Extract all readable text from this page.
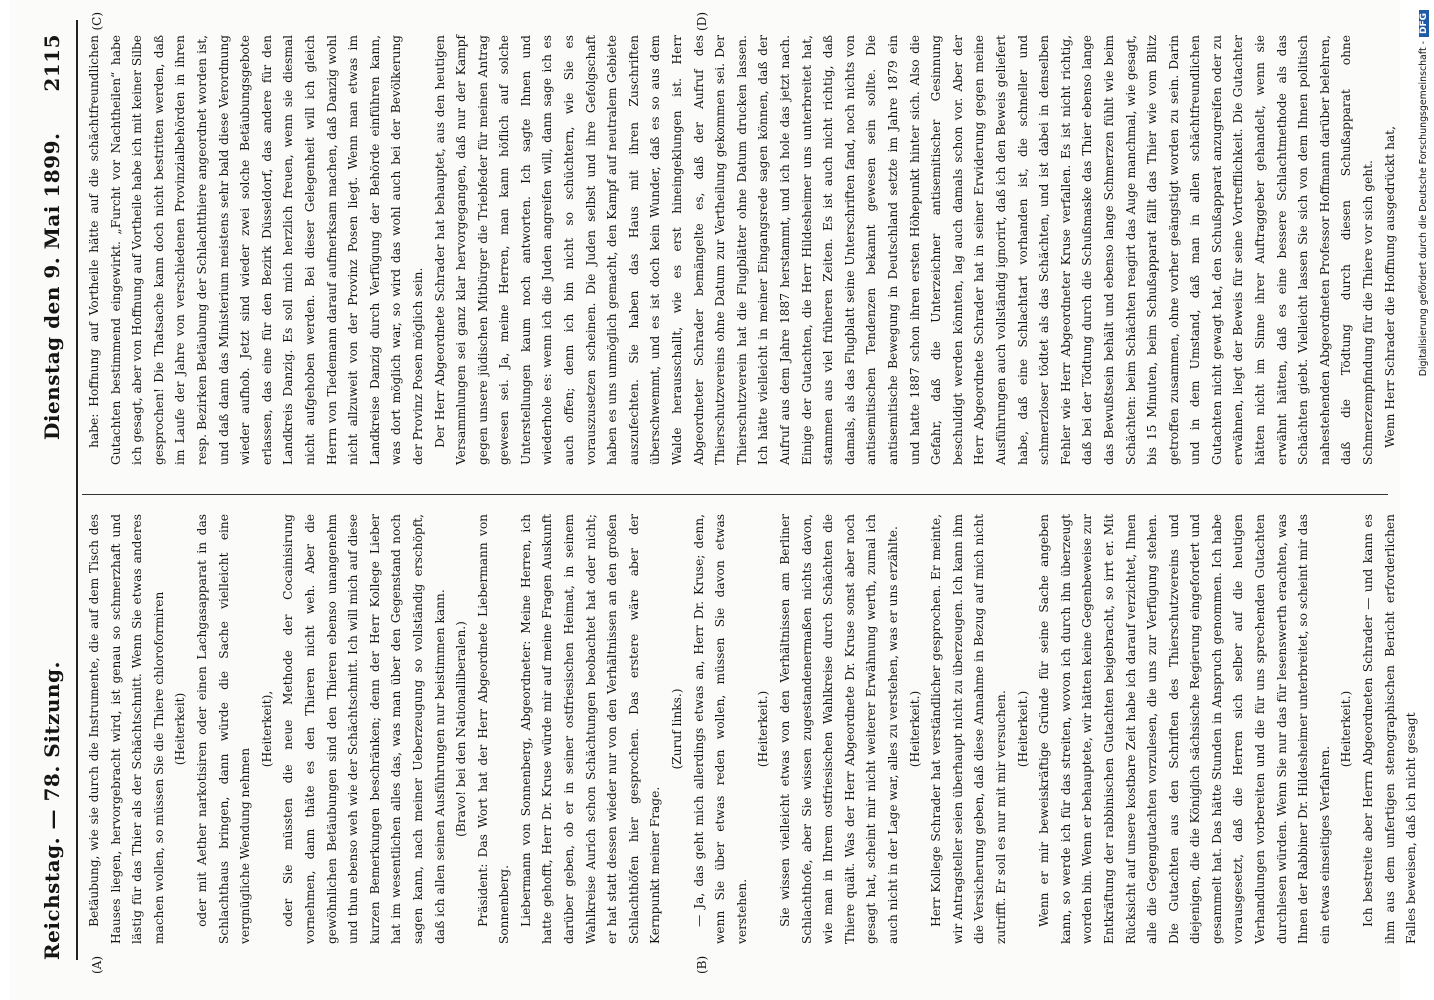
Reichstag. — 78. Sitzung.
Dienstag den 9. Mai 1899.
2115
(A)	(B)
(C)	(D)

Betäubung, wie sie durch die Instrumente, die auf dem Tisch des Hauses liegen, hervorgebracht wird, ist genau so schmerzhaft und lästig für das Thier als der Schächtschnitt. Wenn Sie etwas anderes machen wollen, so müssen Sie die Thiere chloroformiren (Heiterkeit) oder mit Aether narkotisiren oder einen Lachgasapparat in das Schlachthaus bringen, dann würde die Sache vielleicht eine vergnügliche Wendung nehmen

(Heiterkeit), oder Sie müssten die neue Methode der Cocainisirung vornehmen, dann thäte es den Thieren nicht weh. Aber die gewöhnlichen Betäubungen sind den Thieren ebenso unangenehm und thun ebenso weh wie der Schächtschnitt. Ich will mich auf diese kurzen Bemerkungen beschränken; denn der Herr Kollege Lieber hat im wesentlichen alles das, was man über den Gegenstand noch sagen kann, nach meiner Ueberzeugung so vollständig erschöpft, daß ich allen seinen Ausführungen nur beistimmen kann. (Bravo! bei den Nationalliberalen.) Präsident: Das Wort hat der Herr Abgeordnete Liebermann von Sonnenberg. Liebermann von Sonnenberg, Abgeordneter: Meine Herren, ich hatte gehofft, Herr Dr. Kruse würde mir auf meine Fragen Auskunft darüber geben, ob er in seiner ostfriesischen Heimat, in seinem Wahlkreise Aurich schon Schächtungen beobachtet hat oder nicht; er hat statt dessen wieder nur von den Verhältnissen an den großen Schlachthöfen hier gesprochen. Das erstere wäre aber der Kernpunkt meiner Frage.

(Zuruf links.) — Ja, das geht mich allerdings etwas an, Herr Dr. Kruse; denn, wenn Sie über etwas reden wollen, müssen Sie davon etwas verstehen.

(Heiterkeit.) Sie wissen vielleicht etwas von den Verhältnissen am Berliner Schlachthofe, aber Sie wissen zugestandenermaßen nichts davon, wie man in Ihrem ostfriesischen Wahlkreise durch Schächten die Thiere quält. Was der Herr Abgeordnete Dr. Kruse sonst aber noch gesagt hat, scheint mir nicht weiterer Erwähnung werth, zumal ich auch nicht in der Lage war, alles zu verstehen, was er uns erzählte. (Heiterkeit.) Herr Kollege Schrader hat verständlicher gesprochen. Er meinte, wir Antragsteller seien überhaupt nicht zu überzeugen. Ich kann ihm die Versicherung geben, daß diese Annahme in Bezug auf mich nicht zutrifft. Er soll es nur mit mir versuchen. (Heiterkeit.) Wenn er mir beweiskräftige Gründe für seine Sache angeben kann, so werde ich für das streiten, wovon ich durch ihn überzeugt worden bin. Wenn er behauptete, wir hätten keine Gegenbeweise zur Entkräftung der rabbinischen Gutachten beigebracht, so irrt er. Mit Rücksicht auf unsere kostbare Zeit habe ich darauf verzichtet, Ihnen alle die Gegengutachten vorzulesen, die uns zur Verfügung stehen. Die Gutachten aus den Schriften des Thierschutzvereins und diejenigen, die die Königlich sächsische Regierung eingefordert und gesammelt hat. Das hätte Stunden in Anspruch genommen. Ich habe vorausgesetzt, daß die Herren sich selber auf die heutigen Verhandlungen vorbereiten und die für uns sprechenden Gutachten durchlesen würden. Wenn Sie nur das für lesenswerth erachten, was Ihnen der Rabbiner Dr. Hildesheimer unterbreitet, so scheint mir das ein etwas einseitiges Verfahren.

(Heiterkeit.) Ich bestreite aber Herrn Abgeordneten Schrader — und kann es ihm aus dem unfertigen stenographischen Bericht erforderlichen Falles beweisen, daß ich nicht gesagt

habe: Hoffnung auf Vortheile hätte auf die schächtfreundlichen Gutachten bestimmend eingewirkt. „Furcht vor Nachtheilen“ habe ich gesagt, aber von Hoffnung auf Vortheile habe ich mit keiner Silbe gesprochen! Die Thatsache kann doch nicht bestritten werden, daß im Laufe der Jahre von verschiedenen Provinzialbehörden in ihren resp. Bezirken Betäubung der Schlachtthiere angeordnet worden ist, und daß dann das Ministerium meistens sehr bald diese Verordnung wieder aufhob. Jetzt sind wieder zwei solche Betäubungsgebote erlassen, das eine für den Bezirk Düsseldorf, das andere für den Landkreis Danzig. Es soll mich herzlich freuen, wenn sie diesmal nicht aufgehoben werden. Bei dieser Gelegenheit will ich gleich Herrn von Tiedemann darauf aufmerksam machen, daß Danzig wohl nicht allzuweit von der Provinz Posen liegt. Wenn man etwas im Landkreise Danzig durch Verfügung der Behörde einführen kann, was dort möglich war, so wird das wohl auch bei der Bevölkerung der Provinz Posen möglich sein. Der Herr Abgeordnete Schrader hat behauptet, aus den heutigen Versammlungen sei ganz klar hervorgegangen, daß nur der Kampf gegen unsere jüdischen Mitbürger die Triebfeder für meinen Antrag gewesen sei. Ja, meine Herren, man kann höflich auf solche Unterstellungen kaum noch antworten. Ich sagte Ihnen und wiederhole es: wenn ich die Juden angreifen will, dann sage ich es auch offen; denn ich bin nicht so schüchtern, wie Sie es vorauszusetzen scheinen. Die Juden selbst und ihre Gefolgschaft haben es uns unmöglich gemacht, den Kampf auf neutralem Gebiete auszufechten. Sie haben das Haus mit ihren Zuschriften überschwemmt, und es ist doch kein Wunder, daß es so aus dem Walde herausschallt, wie es erst hineingeklungen ist. Herr Abgeordneter Schrader bemängelte es, daß der Aufruf des Thierschutzvereins ohne Datum zur Vertheilung gekommen sei. Der Thierschutzverein hat die Flugblätter ohne Datum drucken lassen. Ich hätte vielleicht in meiner Eingangsrede sagen können, daß der Aufruf aus dem Jahre 1887 herstammt, und ich hole das jetzt nach. Einige der Gutachten, die Herr Hildesheimer uns unterbreitet hat, stammen aus viel früheren Zeiten. Es ist auch nicht richtig, daß damals, als das Flugblatt seine Unterschriften fand, noch nichts von antisemitischen Tendenzen bekannt gewesen sein sollte. Die antisemitische Bewegung in Deutschland setzte im Jahre 1879 ein und hatte 1887 schon ihren ersten Höhepunkt hinter sich. Also die Gefahr, daß die Unterzeichner antisemitischer Gesinnung beschuldigt werden könnten, lag auch damals schon vor. Aber der Herr Abgeordnete Schrader hat in seiner Erwiderung gegen meine Ausführungen auch vollständig ignorirt, daß ich den Beweis geliefert habe, daß eine Schlachtart vorhanden ist, die schneller und schmerzloser tödtet als das Schächten, und ist dabei in denselben Fehler wie Herr Abgeordneter Kruse verfallen. Es ist nicht richtig, daß bei der Tödtung durch die Schußmaske das Thier ebenso lange das Bewußtsein behält und ebenso lange Schmerzen fühlt wie beim Schächten: beim Schächten reagirt das Auge manchmal, wie gesagt, bis 15 Minuten, beim Schußapparat fällt das Thier wie vom Blitz getroffen zusammen, ohne vorher geängstigt worden zu sein. Darin und in dem Umstand, daß man in allen schächtfreundlichen Gutachten nicht gewagt hat, den Schußapparat anzugreifen oder zu erwähnen, liegt der Beweis für seine Vortrefflichkeit. Die Gutachter hätten nicht im Sinne ihrer Auftraggeber gehandelt, wenn sie erwähnt hätten, daß es eine bessere Schlachtmethode als das Schächten giebt. Vielleicht lassen Sie sich von dem Ihnen politisch nahestehenden Abgeordneten Professor Hoffmann darüber belehren, daß die Tödtung durch diesen Schußapparat ohne Schmerzempfindung für die Thiere vor sich geht. Wenn Herr Schrader die Hoffnung ausgedrückt hat,	Digitalisierung gefördert durch die Deutsche Forschungsgemeinschaft -DFG
